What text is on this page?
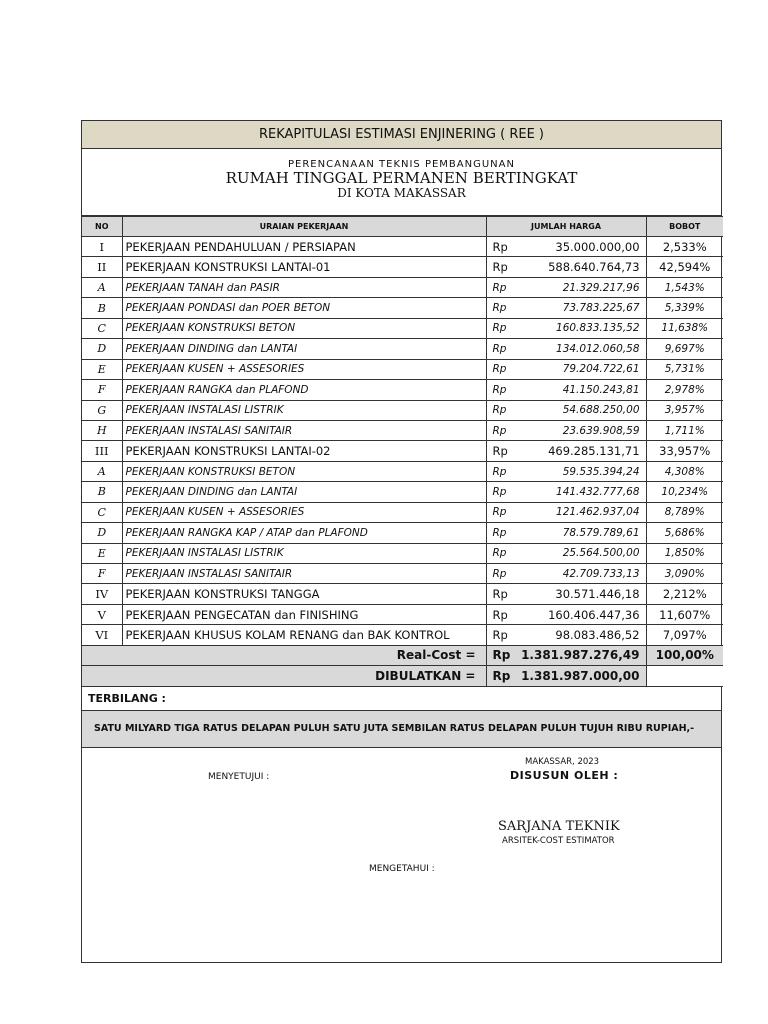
REKAPITULASI ESTIMASI ENJINERING ( REE )
PERENCANAAN TEKNIS PEMBANGUNAN
RUMAH TINGGAL PERMANEN BERTINGKAT
DI KOTA MAKASSAR
NO	URAIAN PEKERJAAN	JUMLAH HARGA		BOBOT
I	PEKERJAAN PENDAHULUAN / PERSIAPAN	Rp	35.000.000,00	2,533%
II	PEKERJAAN KONSTRUKSI LANTAI-01	Rp	588.640.764,73	42,594%
A	PEKERJAAN TANAH dan PASIR	Rp	21.329.217,96	1,543%
B	PEKERJAAN PONDASI dan POER BETON	Rp	73.783.225,67	5,339%
C	PEKERJAAN KONSTRUKSI BETON	Rp	160.833.135,52	11,638%
D	PEKERJAAN DINDING dan LANTAI	Rp	134.012.060,58	9,697%
E	PEKERJAAN KUSEN + ASSESORIES	Rp	79.204.722,61	5,731%
F	PEKERJAAN RANGKA dan PLAFOND	Rp	41.150.243,81	2,978%
G	PEKERJAAN INSTALASI LISTRIK	Rp	54.688.250,00	3,957%
H	PEKERJAAN INSTALASI SANITAIR	Rp	23.639.908,59	1,711%
III	PEKERJAAN KONSTRUKSI LANTAI-02	Rp	469.285.131,71	33,957%
A	PEKERJAAN KONSTRUKSI BETON	Rp	59.535.394,24	4,308%
B	PEKERJAAN DINDING dan LANTAI	Rp	141.432.777,68	10,234%
C	PEKERJAAN KUSEN + ASSESORIES	Rp	121.462.937,04	8,789%
D	PEKERJAAN RANGKA KAP / ATAP dan PLAFOND	Rp	78.579.789,61	5,686%
E	PEKERJAAN INSTALASI LISTRIK	Rp	25.564.500,00	1,850%
F	PEKERJAAN INSTALASI SANITAIR	Rp	42.709.733,13	3,090%
IV	PEKERJAAN KONSTRUKSI TANGGA	Rp	30.571.446,18	2,212%
V	PEKERJAAN PENGECATAN dan FINISHING	Rp	160.406.447,36	11,607%
VI	PEKERJAAN KHUSUS KOLAM RENANG dan BAK KONTROL	Rp	98.083.486,52	7,097%
Real-Cost =		Rp	1.381.987.276,49	100,00%
DIBULATKAN =		Rp	1.381.987.000,00	
TERBILANG :
SATU MILYARD TIGA RATUS DELAPAN PULUH SATU JUTA SEMBILAN RATUS DELAPAN PULUH TUJUH RIBU RUPIAH,-
MAKASSAR, 2023
DISUSUN OLEH :
MENYETUJUI :
SARJANA TEKNIK
ARSITEK-COST ESTIMATOR
MENGETAHUI :
